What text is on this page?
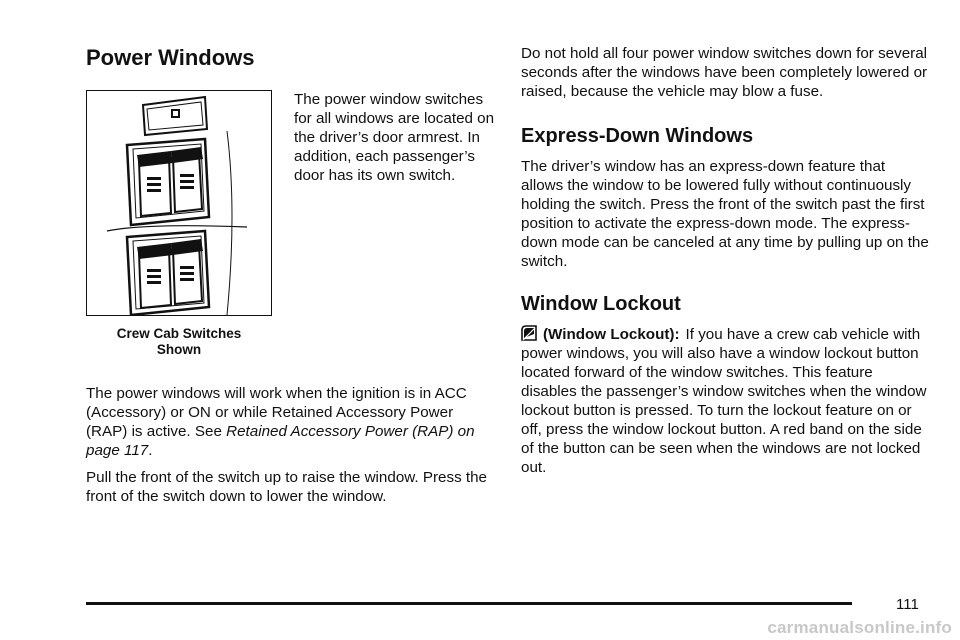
Power Windows
Crew Cab Switches
Shown

The power window switches for all windows are located on the driver’s door armrest. In addition, each passenger’s door has its own switch.

The power windows will work when the ignition is in ACC (Accessory) or ON or while Retained Accessory Power (RAP) is active. See Retained Accessory Power (RAP) on page 117.

Pull the front of the switch up to raise the window. Press the front of the switch down to lower the window.

Do not hold all four power window switches down for several seconds after the windows have been completely lowered or raised, because the vehicle may blow a fuse.

Express-Down Windows

The driver’s window has an express-down feature that allows the window to be lowered fully without continuously holding the switch. Press the front of the switch past the first position to activate the express-down mode. The express-down mode can be canceled at any time by pulling up on the switch.

Window Lockout

(Window Lockout): If you have a crew cab vehicle with power windows, you will also have a window lockout button located forward of the window switches. This feature disables the passenger’s window switches when the window lockout button is pressed. To turn the lockout feature on or off, press the window lockout button. A red band on the side of the button can be seen when the windows are not locked out.

111
carmanualsonline.info
